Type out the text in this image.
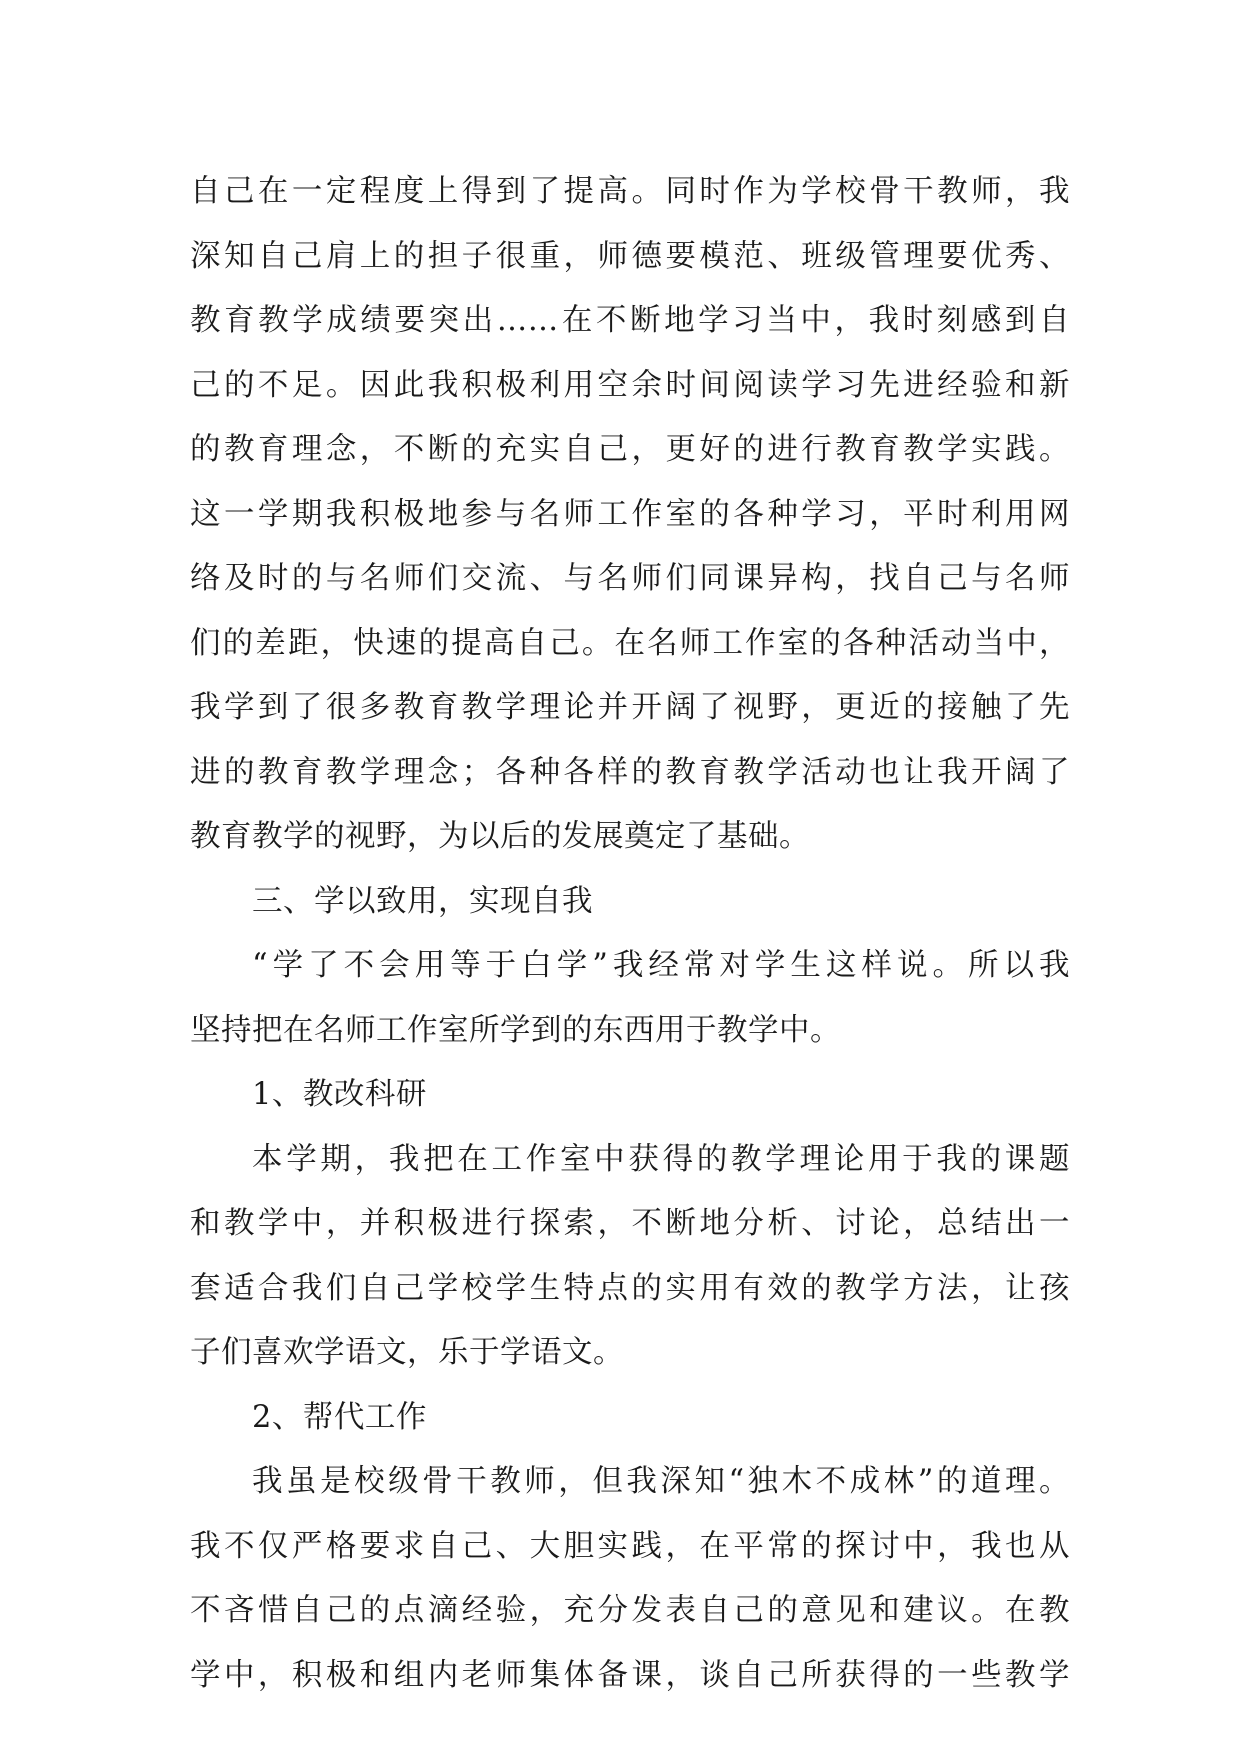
自己在一定程度上得到了提高。同时作为学校骨干教师，我
深知自己肩上的担子很重，师德要模范、班级管理要优秀、
教育教学成绩要突出……在不断地学习当中，我时刻感到自
己的不足。因此我积极利用空余时间阅读学习先进经验和新
的教育理念，不断的充实自己，更好的进行教育教学实践。
这一学期我积极地参与名师工作室的各种学习，平时利用网
络及时的与名师们交流、与名师们同课异构，找自己与名师
们的差距，快速的提高自己。在名师工作室的各种活动当中，
我学到了很多教育教学理论并开阔了视野，更近的接触了先
进的教育教学理念；各种各样的教育教学活动也让我开阔了
教育教学的视野，为以后的发展奠定了基础。
三、学以致用，实现自我
“学了不会用等于白学”我经常对学生这样说。所以我
坚持把在名师工作室所学到的东西用于教学中。
1、教改科研
本学期，我把在工作室中获得的教学理论用于我的课题
和教学中，并积极进行探索，不断地分析、讨论，总结出一
套适合我们自己学校学生特点的实用有效的教学方法，让孩
子们喜欢学语文，乐于学语文。
2、帮代工作
我虽是校级骨干教师，但我深知“独木不成林”的道理。
我不仅严格要求自己、大胆实践，在平常的探讨中，我也从
不吝惜自己的点滴经验，充分发表自己的意见和建议。在教
学中，积极和组内老师集体备课，谈自己所获得的一些教学
